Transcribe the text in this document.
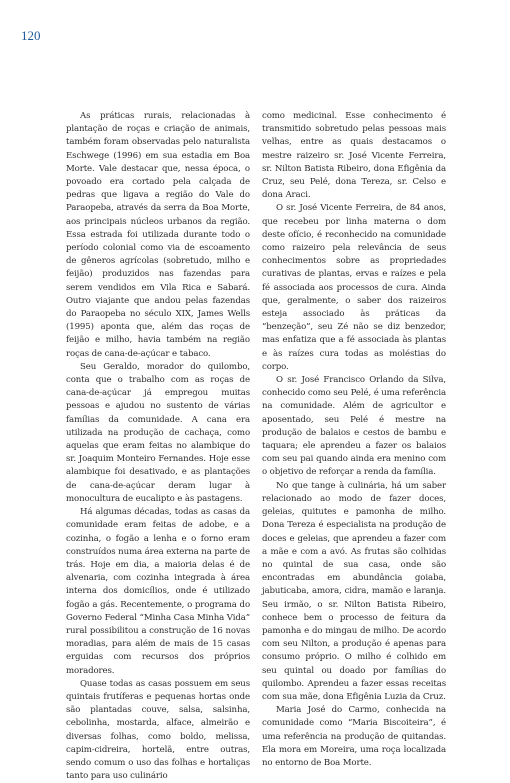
120

As práticas rurais, relacionadas à plantação de roças e criação de animais, também foram observadas pelo naturalista Eschwege (1996) em sua estadia em Boa Morte. Vale destacar que, nessa época, o povoado era cortado pela calçada de pedras que ligava a região do Vale do Paraopeba, através da serra da Boa Morte, aos principais núcleos urbanos da região. Essa estrada foi utilizada durante todo o período colonial como via de escoamento de gêneros agrícolas (sobretudo, milho e feijão) produzidos nas fazendas para serem vendidos em Vila Rica e Sabará. Outro viajante que andou pelas fazendas do Paraopeba no século XIX, James Wells (1995) aponta que, além das roças de feijão e milho, havia também na região roças de cana-de-açúcar e tabaco.

Seu Geraldo, morador do quilombo, conta que o trabalho com as roças de cana-de-açúcar já empregou muitas pessoas e ajudou no sustento de várias famílias da comunidade. A cana era utilizada na produção de cachaça, como aquelas que eram feitas no alambique do sr. Joaquim Monteiro Fernandes. Hoje esse alambique foi desativado, e as plantações de cana-de-açúcar deram lugar à monocultura de eucalipto e às pastagens.

Há algumas décadas, todas as casas da comunidade eram feitas de adobe, e a cozinha, o fogão a lenha e o forno eram construídos numa área externa na parte de trás. Hoje em dia, a maioria delas é de alvenaria, com cozinha integrada à área interna dos domicílios, onde é utilizado fogão a gás. Recentemente, o programa do Governo Federal “Minha Casa Minha Vida” rural possibilitou a construção de 16 novas moradias, para além de mais de 15 casas erguidas com recursos dos próprios moradores.

Quase todas as casas possuem em seus quintais frutíferas e pequenas hortas onde são plantadas couve, salsa, salsinha, cebolinha, mostarda, alface, almeirão e diversas folhas, como boldo, melissa, capim-cidreira, hortelã, entre outras, sendo comum o uso das folhas e hortaliças tanto para uso culinário

como medicinal. Esse conhecimento é transmitido sobretudo pelas pessoas mais velhas, entre as quais destacamos o mestre raizeiro sr. José Vicente Ferreira, sr. Nilton Batista Ribeiro, dona Efigênia da Cruz, seu Pelé, dona Tereza, sr. Celso e dona Araci.

O sr. José Vicente Ferreira, de 84 anos, que recebeu por linha materna o dom deste ofício, é reconhecido na comunidade como raizeiro pela relevância de seus conhecimentos sobre as propriedades curativas de plantas, ervas e raízes e pela fé associada aos processos de cura. Ainda que, geralmente, o saber dos raizeiros esteja associado às práticas da “benzeção”, seu Zé não se diz benzedor, mas enfatiza que a fé associada às plantas e às raízes cura todas as moléstias do corpo.

O sr. José Francisco Orlando da Silva, conhecido como seu Pelé, é uma referência na comunidade. Além de agricultor e aposentado, seu Pelé é mestre na produção de balaios e cestos de bambu e taquara; ele aprendeu a fazer os balaios com seu pai quando ainda era menino com o objetivo de reforçar a renda da família.

No que tange à culinária, há um saber relacionado ao modo de fazer doces, geleias, quitutes e pamonha de milho. Dona Tereza é especialista na produção de doces e geleias, que aprendeu a fazer com a mãe e com a avó. As frutas são colhidas no quintal de sua casa, onde são encontradas em abundância goiaba, jabuticaba, amora, cidra, mamão e laranja. Seu irmão, o sr. Nilton Batista Ribeiro, conhece bem o processo de feitura da pamonha e do mingau de milho. De acordo com seu Nilton, a produção é apenas para consumo próprio. O milho é colhido em seu quintal ou doado por famílias do quilombo. Aprendeu a fazer essas receitas com sua mãe, dona Efigênia Luzia da Cruz.

Maria José do Carmo, conhecida na comunidade como “Maria Biscoiteira”, é uma referência na produção de quitandas. Ela mora em Moreira, uma roça localizada no entorno de Boa Morte.
